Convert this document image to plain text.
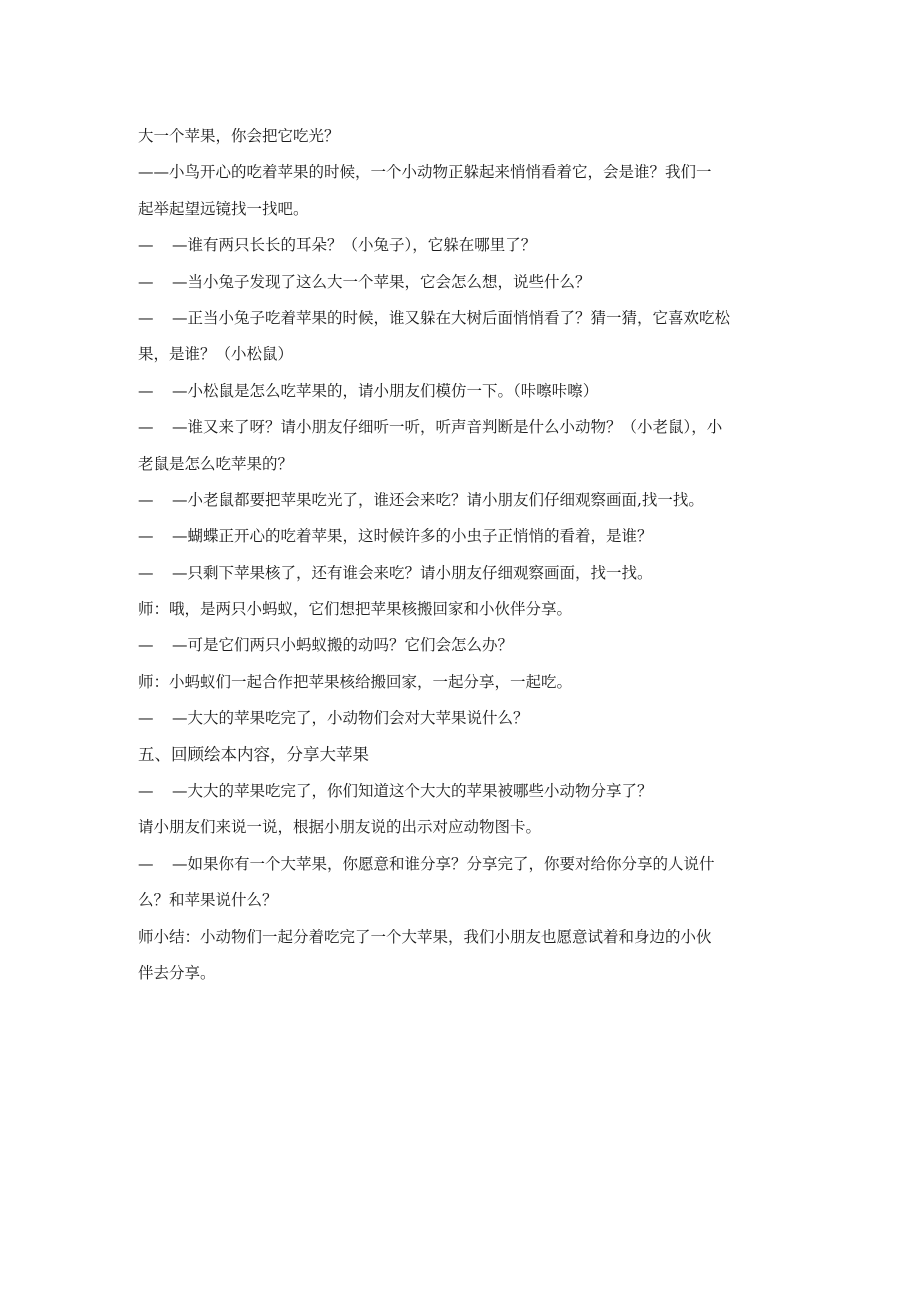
大一个苹果，你会把它吃光？
——小鸟开心的吃着苹果的时候，一个小动物正躲起来悄悄看着它，会是谁？我们一
起举起望远镜找一找吧。
— —谁有两只长长的耳朵？（小兔子），它躲在哪里了？
— —当小兔子发现了这么大一个苹果，它会怎么想，说些什么？
— —正当小兔子吃着苹果的时候，谁又躲在大树后面悄悄看了？猜一猜，它喜欢吃松
果，是谁？（小松鼠）
— —小松鼠是怎么吃苹果的，请小朋友们模仿一下。（咔嚓咔嚓）
— —谁又来了呀？请小朋友仔细听一听，听声音判断是什么小动物？（小老鼠），小
老鼠是怎么吃苹果的？
— —小老鼠都要把苹果吃光了，谁还会来吃？请小朋友们仔细观察画面,找一找。
— —蝴蝶正开心的吃着苹果，这时候许多的小虫子正悄悄的看着，是谁？
— —只剩下苹果核了，还有谁会来吃？请小朋友仔细观察画面，找一找。
师：哦，是两只小蚂蚁，它们想把苹果核搬回家和小伙伴分享。
— —可是它们两只小蚂蚁搬的动吗？它们会怎么办？
师：小蚂蚁们一起合作把苹果核给搬回家，一起分享，一起吃。
— —大大的苹果吃完了，小动物们会对大苹果说什么？
五、回顾绘本内容，分享大苹果
— —大大的苹果吃完了，你们知道这个大大的苹果被哪些小动物分享了？
请小朋友们来说一说，根据小朋友说的出示对应动物图卡。
— —如果你有一个大苹果，你愿意和谁分享？分享完了，你要对给你分享的人说什
么？和苹果说什么？
师小结：小动物们一起分着吃完了一个大苹果，我们小朋友也愿意试着和身边的小伙
伴去分享。
